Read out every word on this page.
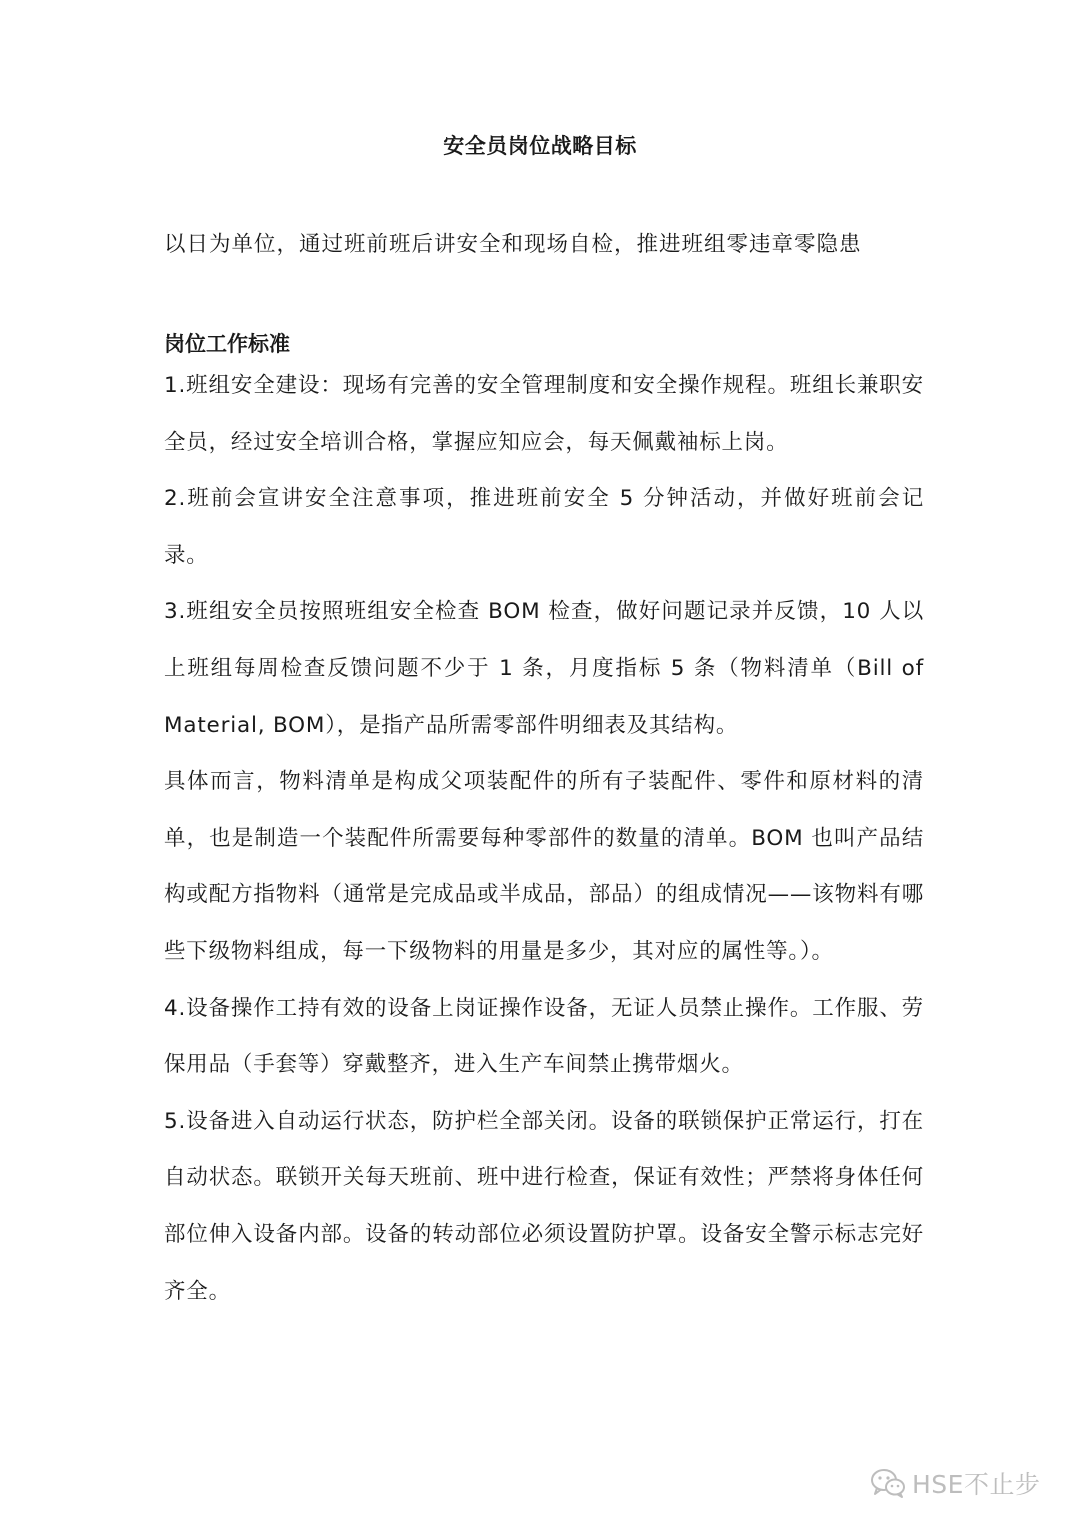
安全员岗位战略目标
以日为单位，通过班前班后讲安全和现场自检，推进班组零违章零隐患
岗位工作标准

1.班组安全建设：现场有完善的安全管理制度和安全操作规程。班组长兼职安全员，经过安全培训合格，掌握应知应会，每天佩戴袖标上岗。

2.班前会宣讲安全注意事项，推进班前安全 5 分钟活动，并做好班前会记录。

3.班组安全员按照班组安全检查 BOM 检查，做好问题记录并反馈，10 人以上班组每周检查反馈问题不少于 1 条，月度指标 5 条（物料清单（Bill of Material, BOM），是指产品所需零部件明细表及其结构。

具体而言，物料清单是构成父项装配件的所有子装配件、零件和原材料的清单，也是制造一个装配件所需要每种零部件的数量的清单。BOM 也叫产品结构或配方指物料（通常是完成品或半成品，部品）的组成情况——该物料有哪些下级物料组成，每一下级物料的用量是多少，其对应的属性等。）。

4.设备操作工持有效的设备上岗证操作设备，无证人员禁止操作。工作服、劳保用品（手套等）穿戴整齐，进入生产车间禁止携带烟火。

5.设备进入自动运行状态，防护栏全部关闭。设备的联锁保护正常运行，打在自动状态。联锁开关每天班前、班中进行检查，保证有效性；严禁将身体任何部位伸入设备内部。设备的转动部位必须设置防护罩。设备安全警示标志完好齐全。

HSE不止步
